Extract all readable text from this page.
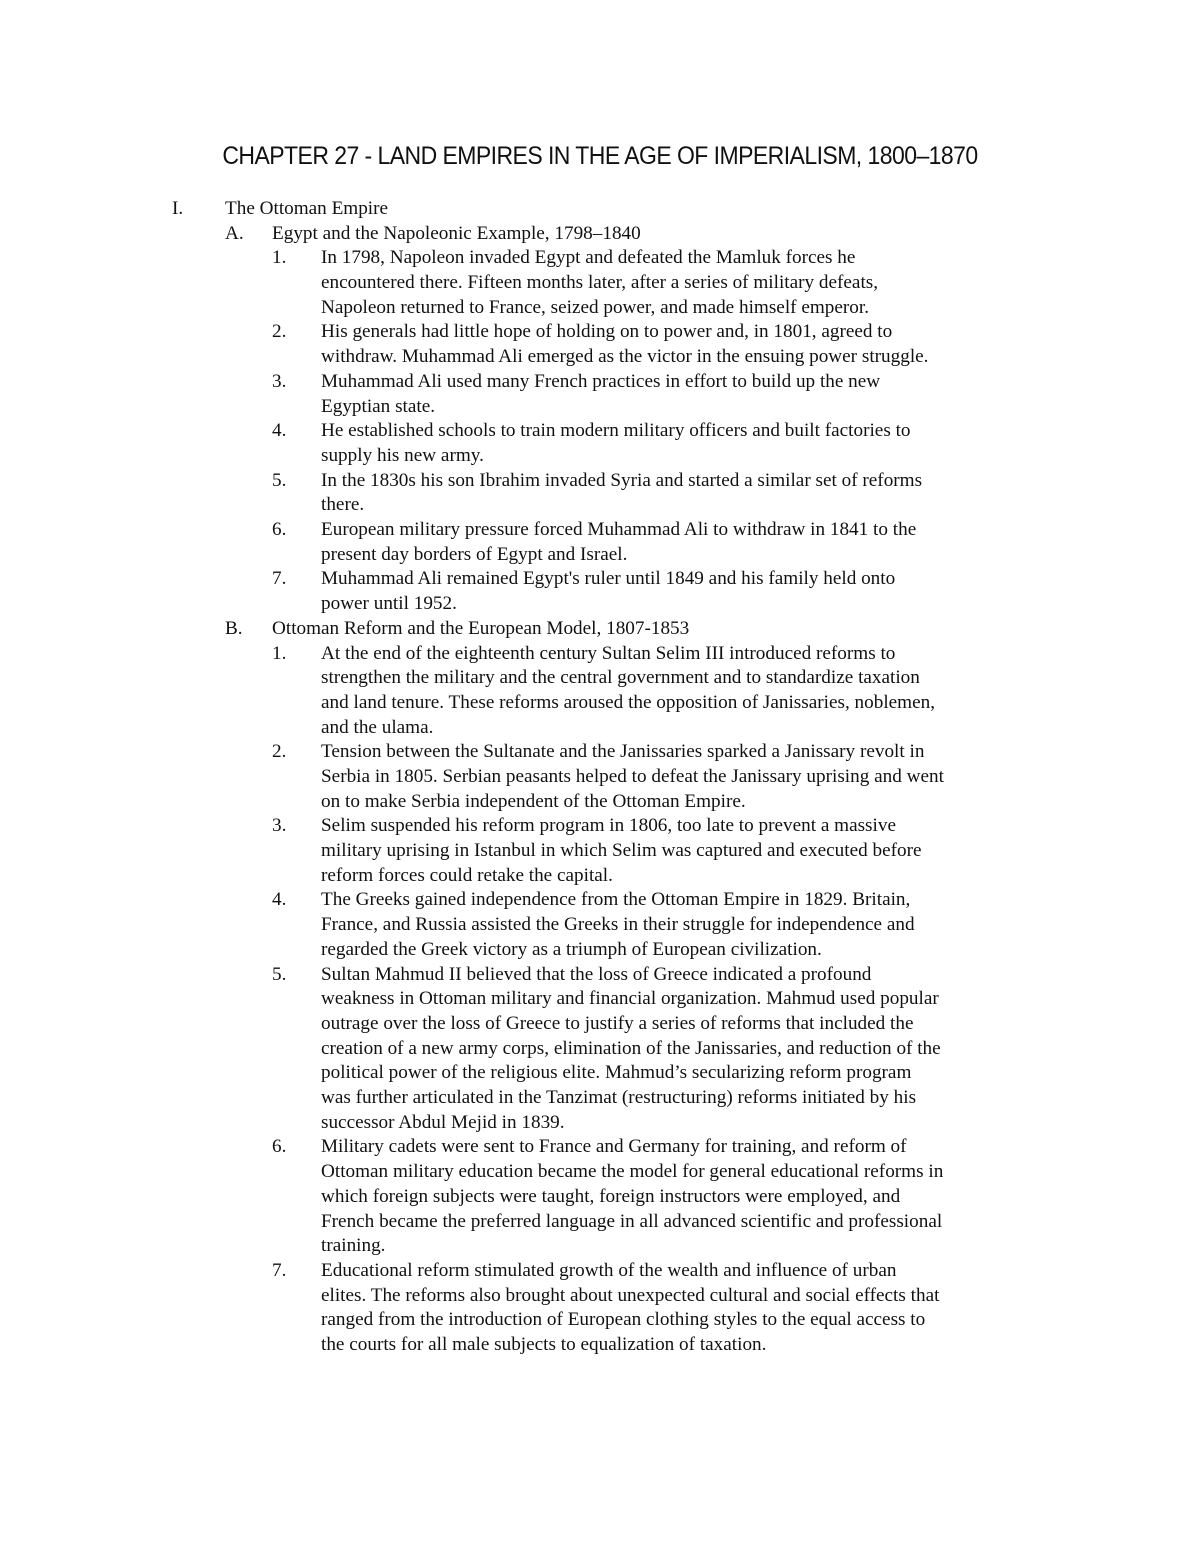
CHAPTER 27 - LAND EMPIRES IN THE AGE OF IMPERIALISM, 1800–1870
I. The Ottoman Empire
A. Egypt and the Napoleonic Example, 1798–1840
1. In 1798, Napoleon invaded Egypt and defeated the Mamluk forces he
encountered there. Fifteen months later, after a series of military defeats,
Napoleon returned to France, seized power, and made himself emperor.
2. His generals had little hope of holding on to power and, in 1801, agreed to
withdraw. Muhammad Ali emerged as the victor in the ensuing power struggle.
3. Muhammad Ali used many French practices in effort to build up the new
Egyptian state.
4. He established schools to train modern military officers and built factories to
supply his new army.
5. In the 1830s his son Ibrahim invaded Syria and started a similar set of reforms
there.
6. European military pressure forced Muhammad Ali to withdraw in 1841 to the
present day borders of Egypt and Israel.
7. Muhammad Ali remained Egypt's ruler until 1849 and his family held onto
power until 1952.
B. Ottoman Reform and the European Model, 1807-1853
1. At the end of the eighteenth century Sultan Selim III introduced reforms to
strengthen the military and the central government and to standardize taxation
and land tenure. These reforms aroused the opposition of Janissaries, noblemen,
and the ulama.
2. Tension between the Sultanate and the Janissaries sparked a Janissary revolt in
Serbia in 1805. Serbian peasants helped to defeat the Janissary uprising and went
on to make Serbia independent of the Ottoman Empire.
3. Selim suspended his reform program in 1806, too late to prevent a massive
military uprising in Istanbul in which Selim was captured and executed before
reform forces could retake the capital.
4. The Greeks gained independence from the Ottoman Empire in 1829. Britain,
France, and Russia assisted the Greeks in their struggle for independence and
regarded the Greek victory as a triumph of European civilization.
5. Sultan Mahmud II believed that the loss of Greece indicated a profound
weakness in Ottoman military and financial organization. Mahmud used popular
outrage over the loss of Greece to justify a series of reforms that included the
creation of a new army corps, elimination of the Janissaries, and reduction of the
political power of the religious elite. Mahmud’s secularizing reform program
was further articulated in the Tanzimat (restructuring) reforms initiated by his
successor Abdul Mejid in 1839.
6. Military cadets were sent to France and Germany for training, and reform of
Ottoman military education became the model for general educational reforms in
which foreign subjects were taught, foreign instructors were employed, and
French became the preferred language in all advanced scientific and professional
training.
7. Educational reform stimulated growth of the wealth and influence of urban
elites. The reforms also brought about unexpected cultural and social effects that
ranged from the introduction of European clothing styles to the equal access to
the courts for all male subjects to equalization of taxation.
